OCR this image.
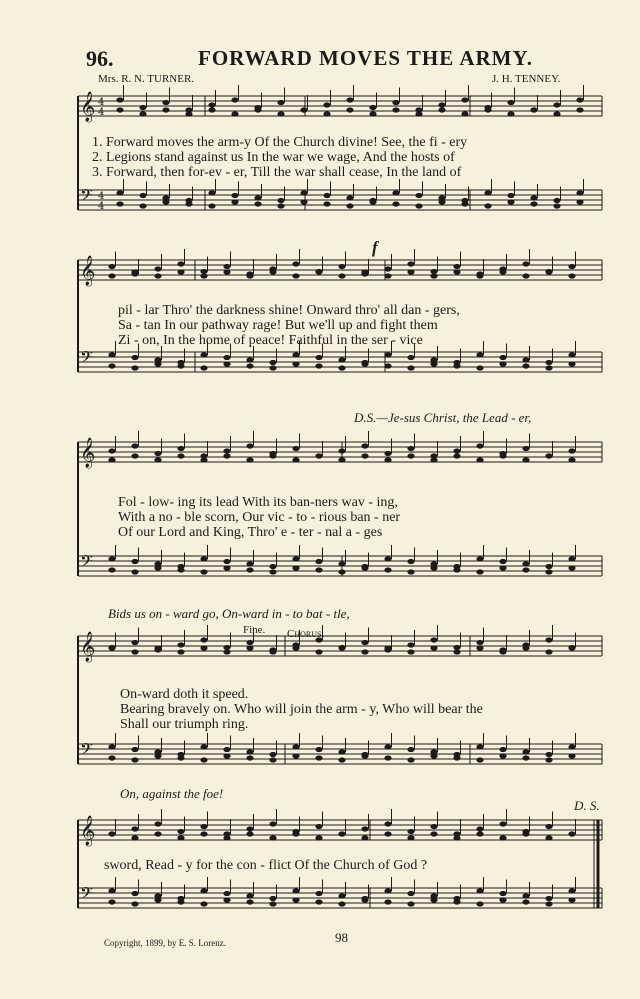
96.	FORWARD MOVES THE ARMY.
Mrs. R. N. TURNER.	J. H. TENNEY.
𝄞
𝄢
4
4
4
4
𝄞
𝄢
𝄞
𝄢
𝄞
𝄢
𝄞
𝄢
1. Forward moves the arm-y Of the Church divine! See, the fi - ery
2. Legions stand against us In the war we wage, And the hosts of
3. Forward, then for-ev - er, Till the war shall cease, In the land of
pil - lar Thro' the darkness shine! Onward thro' all dan - gers,
Sa - tan In our pathway rage! But we'll up and fight them
Zi - on, In the home of peace! Faithful in the ser - vice
f
D.S.—Je-sus Christ, the Lead - er,
Fol - low- ing its lead With its ban-ners wav - ing,
With a no - ble scorn, Our vic - to - rious ban - ner
Of our Lord and King, Thro' e - ter - nal a - ges
Bids us on - ward go, On-ward in - to bat - tle,
Fine. Chorus.
On-ward doth it speed.
Bearing bravely on. Who will join the arm - y, Who will bear the
Shall our triumph ring.
On, against the foe!
sword, Read - y for the con - flict Of the Church of God ?
D. S.
Copyright, 1899, by E. S. Lorenz.	98
